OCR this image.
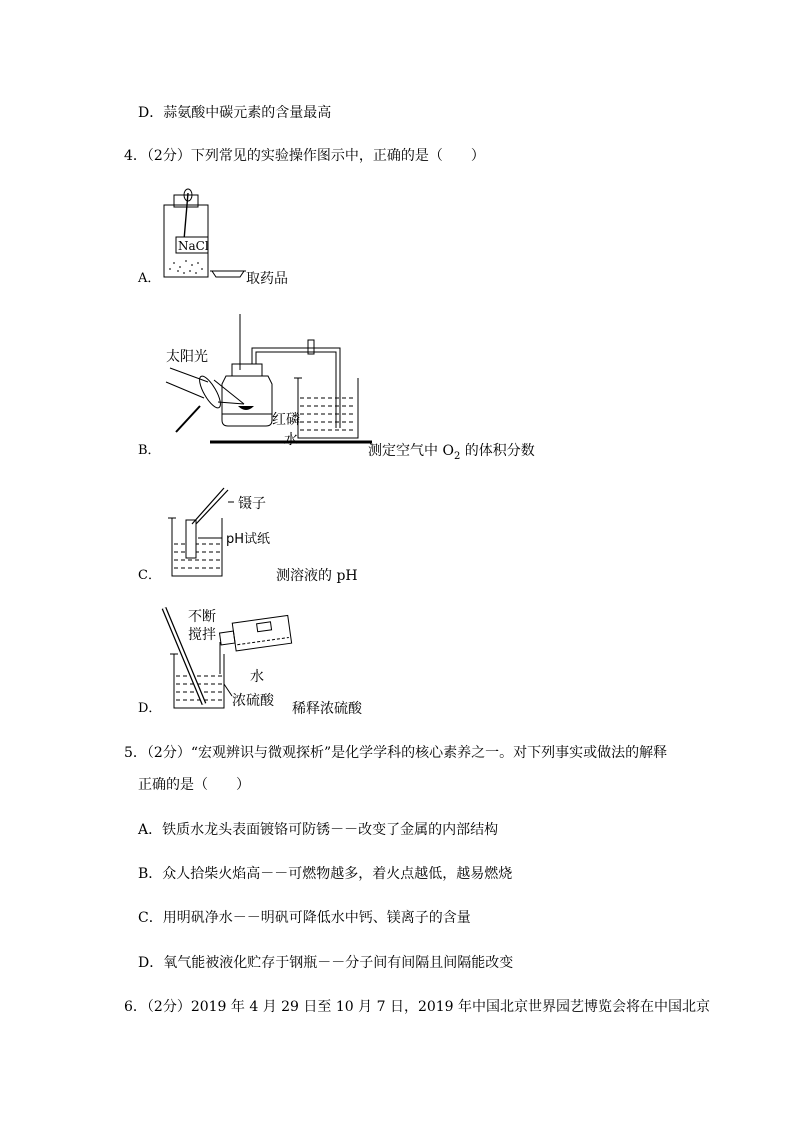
D．蒜氨酸中碳元素的含量最高
4．（2分）下列常见的实验操作图示中，正确的是（　　）
A．
NaCl
取药品
B．
太阳光
红磷
水
测定空气中 $O_2$ 的体积分数
C．
镊子
pH试纸
测溶液的 pH
D．
不断
搅拌
水
浓硫酸 稀释浓硫酸
5．（2分）“宏观辨识与微观探析”是化学学科的核心素养之一。对下列事实或做法的解释
正确的是（　　）
A．铁质水龙头表面镀铬可防锈－－改变了金属的内部结构
B．众人拾柴火焰高－－可燃物越多，着火点越低，越易燃烧
C．用明矾净水－－明矾可降低水中钙、镁离子的含量
D．氧气能被液化贮存于钢瓶－－分子间有间隔且间隔能改变
6．（2分）2019 年 4 月 29 日至 10 月 7 日，2019 年中国北京世界园艺博览会将在中国北京
